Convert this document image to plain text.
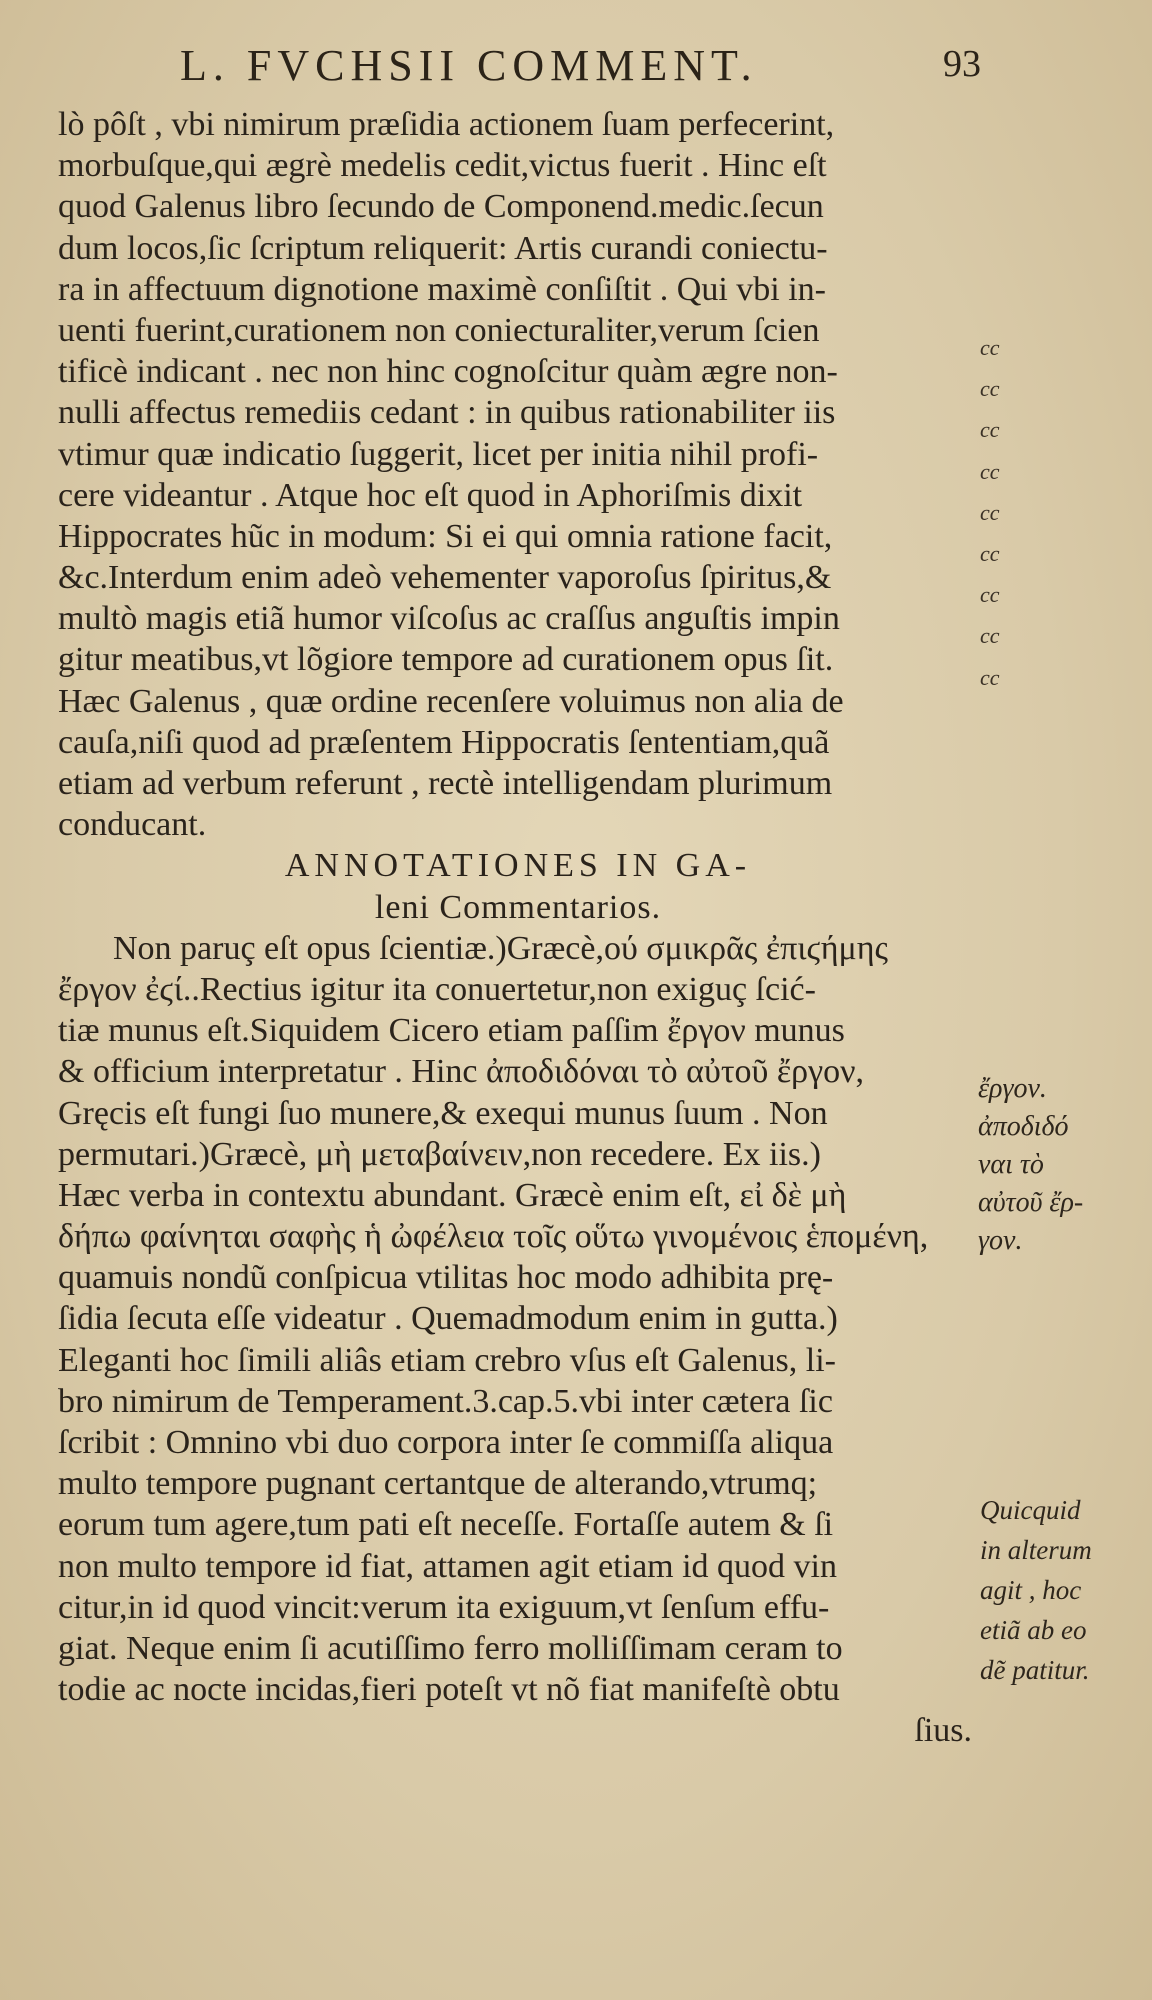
L. FVCHSII COMMENT.	93
lò pôſt , vbi nimirum præſidia actionem ſuam perfecerint,
morbuſque,qui ægrè medelis cedit,victus fuerit . Hinc eſt
quod Galenus libro ſecundo de Componend.medic.ſecun
dum locos,ſic ſcriptum reliquerit: Artis curandi coniectu-
ra in affectuum dignotione maximè conſiſtit . Qui vbi in-
uenti fuerint,curationem non coniecturaliter,verum ſcien
tificè indicant . nec non hinc cognoſcitur quàm ægre non-
nulli affectus remediis cedant : in quibus rationabiliter iis
vtimur quæ indicatio ſuggerit, licet per initia nihil profi-
cere videantur . Atque hoc eſt quod in Aphoriſmis dixit
Hippocrates hũc in modum: Si ei qui omnia ratione facit,
&c.Interdum enim adeò vehementer vaporoſus ſpiritus,&
multò magis etiã humor viſcoſus ac craſſus anguſtis impin
gitur meatibus,vt lõgiore tempore ad curationem opus ſit.
Hæc Galenus , quæ ordine recenſere voluimus non alia de
cauſa,niſi quod ad præſentem Hippocratis ſententiam,quã
etiam ad verbum referunt , rectè intelligendam plurimum
conducant.
ANNOTATIONES IN GA-
leni Commentarios.
Non paruç eſt opus ſcientiæ.)Græcè,ού σμικρᾶς ἐπιϛήμης
ἔργον ἐϛί..Rectius igitur ita conuertetur,non exiguç ſcić-
tiæ munus eſt.Siquidem Cicero etiam paſſim ἔργον munus
& officium interpretatur . Hinc ἀποδιδόναι τὸ αὐτοῦ ἔργον,
Gręcis eſt fungi ſuo munere,& exequi munus ſuum . Non
permutari.)Græcè, μὴ μεταβαίνειν,non recedere. Ex iis.)
Hæc verba in contextu abundant. Græcè enim eſt, εἰ δὲ μὴ
δήπω φαίνηται σαφὴς ἡ ὠφέλεια τοῖς οὕτω γινομένοις ἑπομένη,
quamuis nondũ conſpicua vtilitas hoc modo adhibita prę-
ſidia ſecuta eſſe videatur . Quemadmodum enim in gutta.)
Eleganti hoc ſimili aliâs etiam crebro vſus eſt Galenus, li-
bro nimirum de Temperament.3.cap.5.vbi inter cætera ſic
ſcribit : Omnino vbi duo corpora inter ſe commiſſa aliqua
multo tempore pugnant certantque de alterando,vtrumq;
eorum tum agere,tum pati eſt neceſſe. Fortaſſe autem & ſi
non multo tempore id fiat, attamen agit etiam id quod vin
citur,in id quod vincit:verum ita exiguum,vt ſenſum effu-
giat. Neque enim ſi acutiſſimo ferro molliſſimam ceram to
todie ac nocte incidas,fieri poteſt vt nõ fiat manifeſtè obtu
ſius.
cc
cc
cc
cc
cc
cc
cc
cc
cc
ἔργον.
ἀποδιδό
ναι τὸ
αὐτοῦ ἔρ-
γον.
Quicquid
in alterum
agit , hoc
etiã ab eo
dẽ patitur.
